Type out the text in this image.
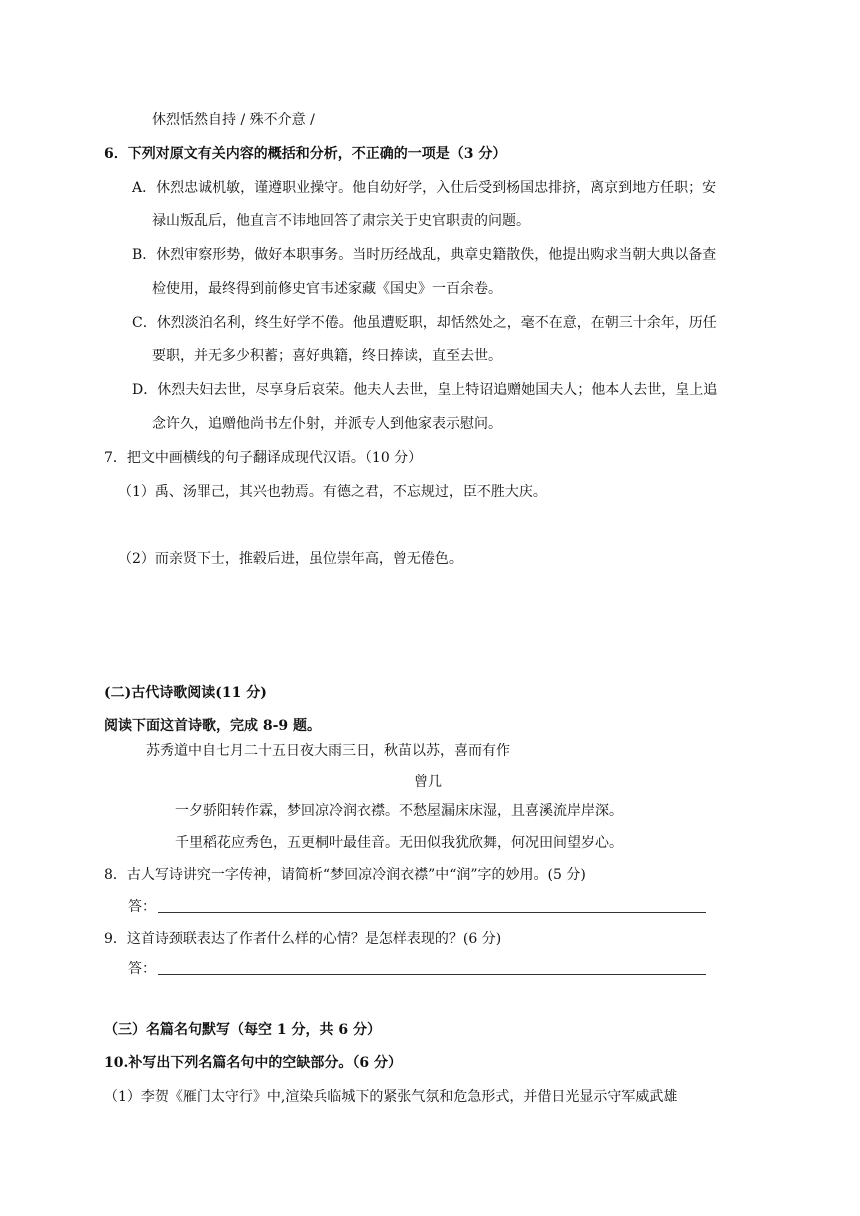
休烈恬然自持 / 殊不介意 /
6．下列对原文有关内容的概括和分析，不正确的一项是（3 分）
A．休烈忠诚机敏，谨遵职业操守。他自幼好学，入仕后受到杨国忠排挤，离京到地方任职；安
禄山叛乱后，他直言不讳地回答了肃宗关于史官职责的问题。
B．休烈审察形势，做好本职事务。当时历经战乱，典章史籍散佚，他提出购求当朝大典以备查
检使用，最终得到前修史官韦述家藏《国史》一百余卷。
C．休烈淡泊名利，终生好学不倦。他虽遭贬职，却恬然处之，毫不在意，在朝三十余年，历任
要职，并无多少积蓄；喜好典籍，终日捧读，直至去世。
D．休烈夫妇去世，尽享身后哀荣。他夫人去世，皇上特诏追赠她国夫人；他本人去世，皇上追
念许久，追赠他尚书左仆射，并派专人到他家表示慰问。
7．把文中画横线的句子翻译成现代汉语。（10 分）
（1）禹、汤罪己，其兴也勃焉。有德之君，不忘规过，臣不胜大庆。
（2）而亲贤下士，推毂后进，虽位崇年高，曾无倦色。
(二)古代诗歌阅读(11 分)
阅读下面这首诗歌，完成 8-9 题。
苏秀道中自七月二十五日夜大雨三日，秋苗以苏，喜而有作
曾几
一夕骄阳转作霖，梦回凉冷润衣襟。不愁屋漏床床湿，且喜溪流岸岸深。
千里稻花应秀色，五更桐叶最佳音。无田似我犹欣舞，何况田间望岁心。
8．古人写诗讲究一字传神，请简析“梦回凉冷润衣襟”中“润”字的妙用。(5 分)
答：
9．这首诗颈联表达了作者什么样的心情？是怎样表现的？(6 分)
答：
（三）名篇名句默写（每空 1 分，共 6 分）
10.补写出下列名篇名句中的空缺部分。（6 分）
（1）李贺《雁门太守行》中,渲染兵临城下的紧张气氛和危急形式，并借日光显示守军威武雄
